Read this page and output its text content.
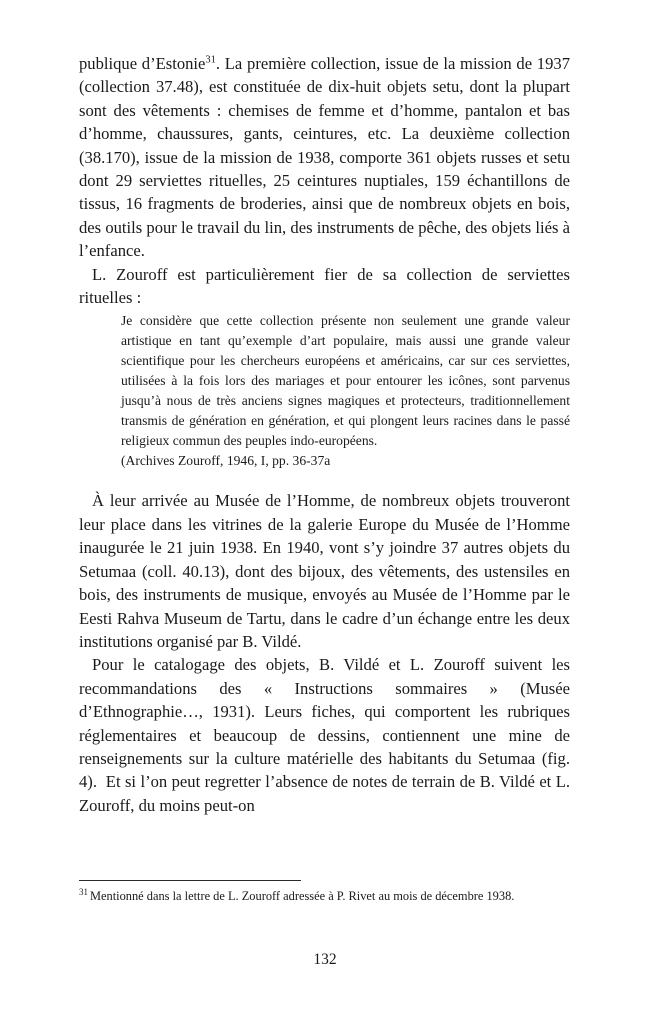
publique d’Estonie$^{31}$. La première collection, issue de la mission de 1937 (collection 37.48), est constituée de dix-huit objets setu, dont la plupart sont des vêtements : chemises de femme et d’homme, pantalon et bas d’homme, chaussures, gants, ceintures, etc. La deuxième collection (38.170), issue de la mission de 1938, comporte 361 objets russes et setu dont 29 serviettes rituelles, 25 ceintures nuptiales, 159 échantillons de tissus, 16 fragments de broderies, ainsi que de nombreux objets en bois, des outils pour le travail du lin, des instruments de pêche, des objets liés à l’enfance.

L. Zouroff est particulièrement fier de sa collection de serviettes rituelles :

Je considère que cette collection présente non seulement une grande valeur artistique en tant qu’exemple d’art populaire, mais aussi une grande valeur scientifique pour les chercheurs européens et américains, car sur ces serviettes, utilisées à la fois lors des mariages et pour entourer les icônes, sont parvenus jusqu’à nous de très anciens signes magiques et protecteurs, traditionnellement transmis de génération en génération, et qui plongent leurs racines dans le passé religieux commun des peuples indo-européens.

(Archives Zouroff, 1946, I, pp. 36-37a

À leur arrivée au Musée de l’Homme, de nombreux objets trouveront leur place dans les vitrines de la galerie Europe du Musée de l’Homme inaugurée le 21 juin 1938. En 1940, vont s’y joindre 37 autres objets du Setumaa (coll. 40.13), dont des bijoux, des vêtements, des ustensiles en bois, des instruments de musique, envoyés au Musée de l’Homme par le Eesti Rahva Museum de Tartu, dans le cadre d’un échange entre les deux institutions organisé par B. Vildé.

Pour le catalogage des objets, B. Vildé et L. Zouroff suivent les recommandations des « Instructions sommaires » (Musée d’Ethnographie…, 1931). Leurs fiches, qui comportent les rubriques réglementaires et beaucoup de dessins, contiennent une mine de renseignements sur la culture matérielle des habitants du Setumaa (fig. 4).  Et si l’on peut regretter l’absence de notes de terrain de B. Vildé et L. Zouroff, du moins peut-on

$^{31}$ Mentionné dans la lettre de L. Zouroff adressée à P. Rivet au mois de décembre 1938.

132
